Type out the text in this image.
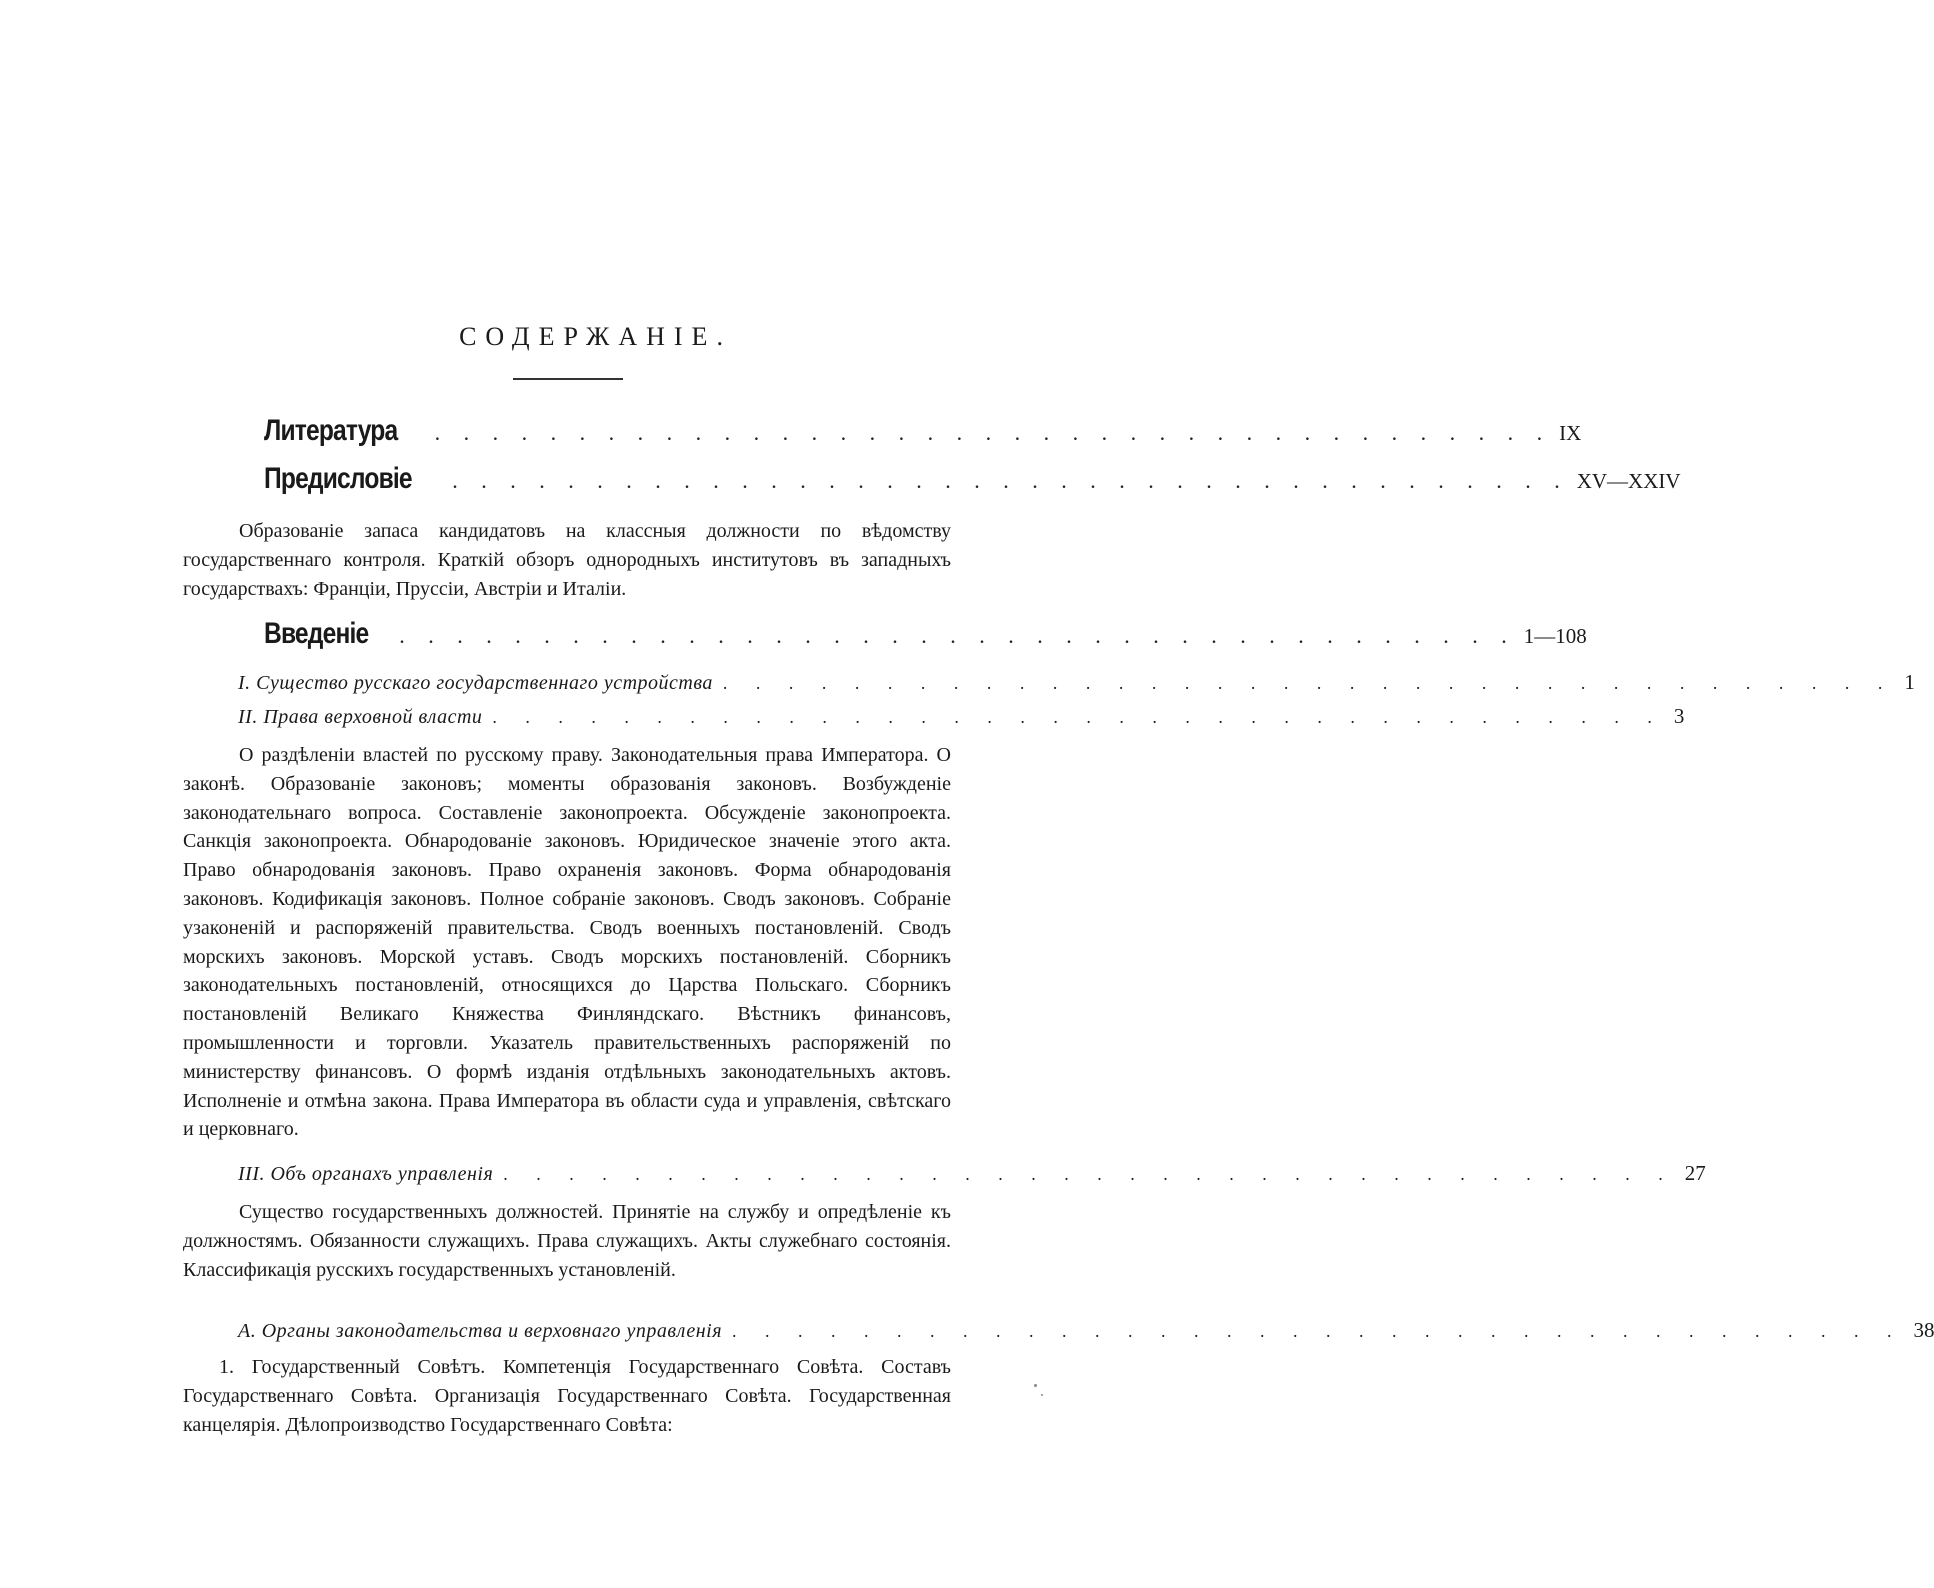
СОДЕРЖАНІЕ.
Литература . . . . . . . . . . . . . . . . . . . . . . . . . . . . . . . . . . . . . . . IX
Предисловіе . . . . . . . . . . . . . . . . . . . . . . . . . . . . . . . . . . . . . . . XV—XXIV
Образованіе запаса кандидатовъ на классныя должности по вѣдомству государственнаго контроля. Краткій обзоръ однородныхъ институтовъ въ западныхъ государствахъ: Франціи, Пруссіи, Австріи и Италіи.
Введеніе . . . . . . . . . . . . . . . . . . . . . . . . . . . . . . . . . . . . . . . 1—108
I. Существо русскаго государственнаго устройства . . . . . . . . . . . . . . . . . . . . . . . . . . . . . . . . . . . . 1
II. Права верховной власти . . . . . . . . . . . . . . . . . . . . . . . . . . . . . . . . . . . . 3
О раздѣленіи властей по русскому праву. Законодательныя права Императора. О законѣ. Образованіе законовъ; моменты образованія законовъ. Возбужденіе законодательнаго вопроса. Составленіе законопроекта. Обсужденіе законопроекта. Санкція законопроекта. Обнародованіе законовъ. Юридическое значеніе этого акта. Право обнародованія законовъ. Право охраненія законовъ. Форма обнародованія законовъ. Кодификація законовъ. Полное собраніе законовъ. Сводъ законовъ. Собраніе узаконеній и распоряженій правительства. Сводъ военныхъ постановленій. Сводъ морскихъ законовъ. Морской уставъ. Сводъ морскихъ постановленій. Сборникъ законодательныхъ постановленій, относящихся до Царства Польскаго. Сборникъ постановленій Великаго Княжества Финляндскаго. Вѣстникъ финансовъ, промышленности и торговли. Указатель правительственныхъ распоряженій по министерству финансовъ. О формѣ изданія отдѣльныхъ законодательныхъ актовъ. Исполненіе и отмѣна закона. Права Императора въ области суда и управленія, свѣтскаго и церковнаго.
III. Объ органахъ управленія . . . . . . . . . . . . . . . . . . . . . . . . . . . . . . . . . . . . 27
Существо государственныхъ должностей. Принятіе на службу и опредѣленіе къ должностямъ. Обязанности служащихъ. Права служащихъ. Акты служебнаго состоянія. Классификація русскихъ государственныхъ установленій.
А. Органы законодательства и верховнаго управленія . . . . . . . . . . . . . . . . . . . . . . . . . . . . . . . . . . . . 38
1. Государственный Совѣтъ. Компетенція Государственнаго Совѣта. Составъ Государственнаго Совѣта. Организація Государственнаго Совѣта. Государственная канцелярія. Дѣлопроизводство Государственнаго Совѣта:
